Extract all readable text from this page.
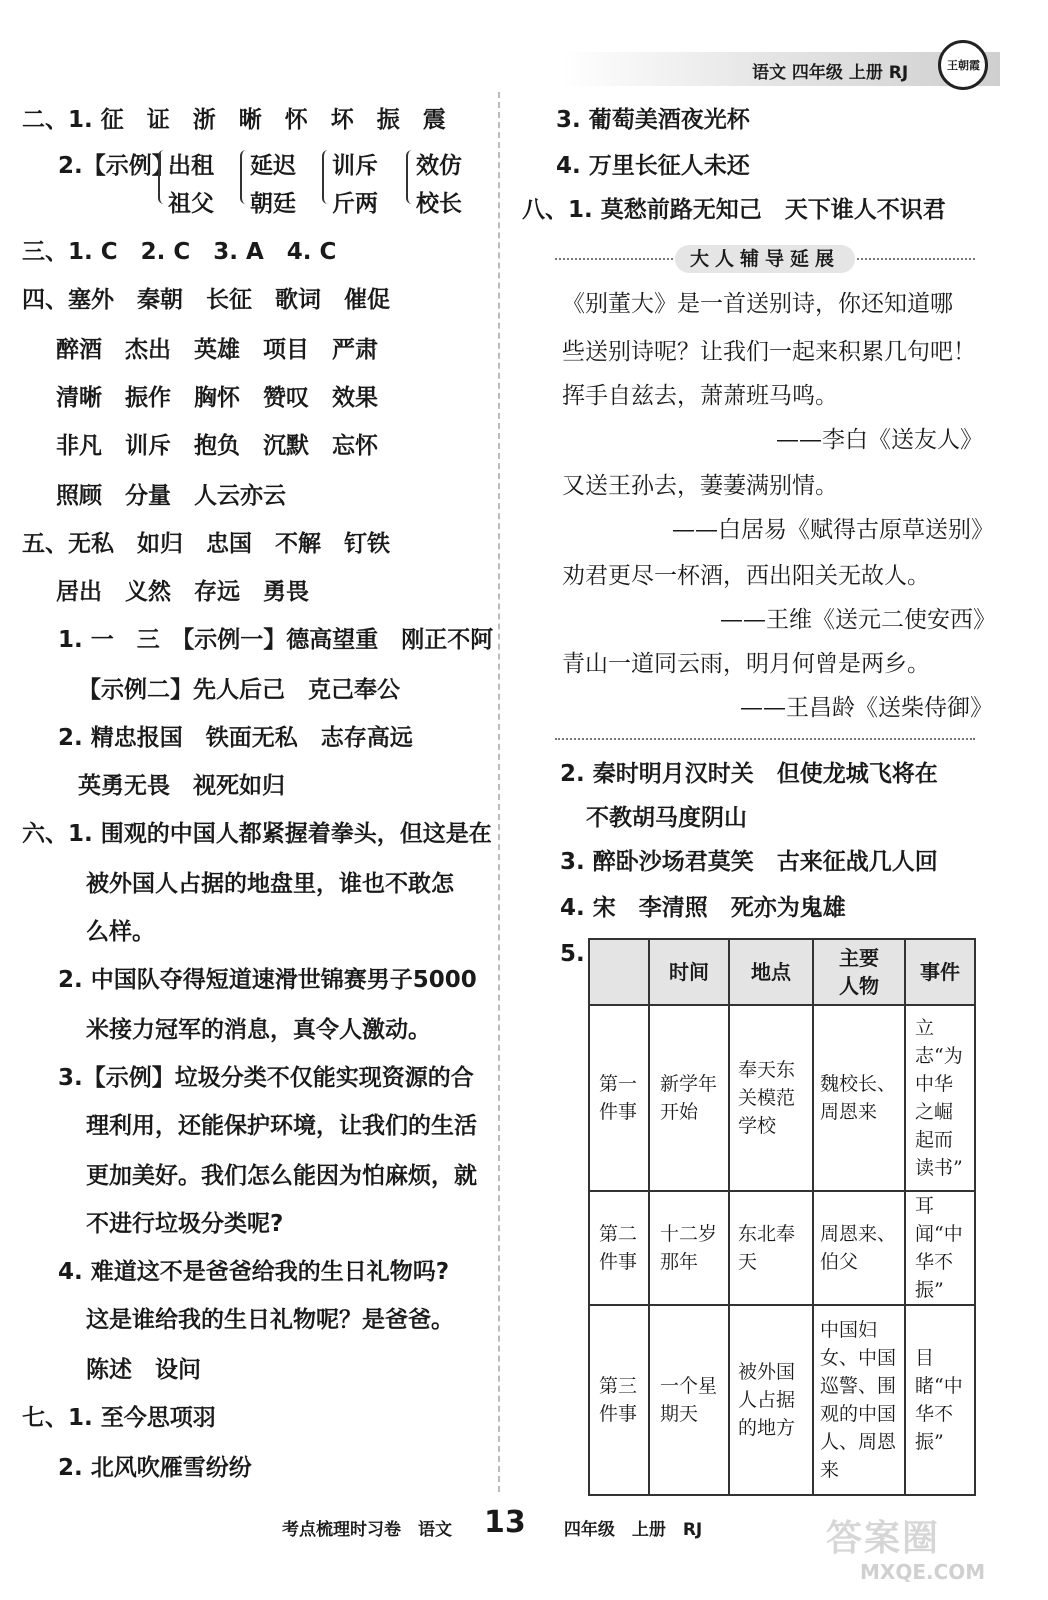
语文 四年级 上册 RJ	王朝霞
二、1. 征　证　浙　晰　怀　坏　振　震
2.【示例】
出租
祖父
延迟
朝廷
训斥
斤两
效仿
校长
三、1. C　2. C　3. A　4. C
四、塞外　秦朝　长征　歌词　催促
醉酒　杰出　英雄　项目　严肃
清晰　振作　胸怀　赞叹　效果
非凡　训斥　抱负　沉默　忘怀
照顾　分量　人云亦云
五、无私　如归　忠国　不解　钉铁
居出　义然　存远　勇畏
1. 一　三　【示例一】德高望重　刚正不阿
【示例二】先人后己　克己奉公
2. 精忠报国　铁面无私　志存高远
英勇无畏　视死如归
六、1. 围观的中国人都紧握着拳头，但这是在
被外国人占据的地盘里，谁也不敢怎
么样。
2. 中国队夺得短道速滑世锦赛男子5000
米接力冠军的消息，真令人激动。
3.【示例】垃圾分类不仅能实现资源的合
理利用，还能保护环境，让我们的生活
更加美好。我们怎么能因为怕麻烦，就
不进行垃圾分类呢?
4. 难道这不是爸爸给我的生日礼物吗?
这是谁给我的生日礼物呢？是爸爸。
陈述　设问
七、1. 至今思项羽
2. 北风吹雁雪纷纷
3. 葡萄美酒夜光杯
4. 万里长征人未还
八、1. 莫愁前路无知己　天下谁人不识君
2. 秦时明月汉时关　但使龙城飞将在
不教胡马度阴山
3. 醉卧沙场君莫笑　古来征战几人回
4. 宋　李清照　死亦为鬼雄
5.
大人辅导延展
《别董大》是一首送别诗，你还知道哪
些送别诗呢？让我们一起来积累几句吧！
挥手自兹去，萧萧班马鸣。
——李白《送友人》
又送王孙去，萋萋满别情。
——白居易《赋得古原草送别》
劝君更尽一杯酒，西出阳关无故人。
——王维《送元二使安西》
青山一道同云雨，明月何曾是两乡。
——王昌龄《送柴侍御》
	时间	地点	主要人物	事件

第一件事	新学年开始	奉天东关模范学校	魏校长、周恩来	立志“为中华之崛起而读书”

第二件事	十二岁那年	东北奉天	周恩来、伯父	耳闻“中华不振”

第三件事	一个星期天	被外国人占据的地方	中国妇女、中国巡警、围观的中国人、周恩来	目睹“中华不振”
考点梳理时习卷　语文	四年级　上册　RJ
13	答案圈
MXQE.COM
